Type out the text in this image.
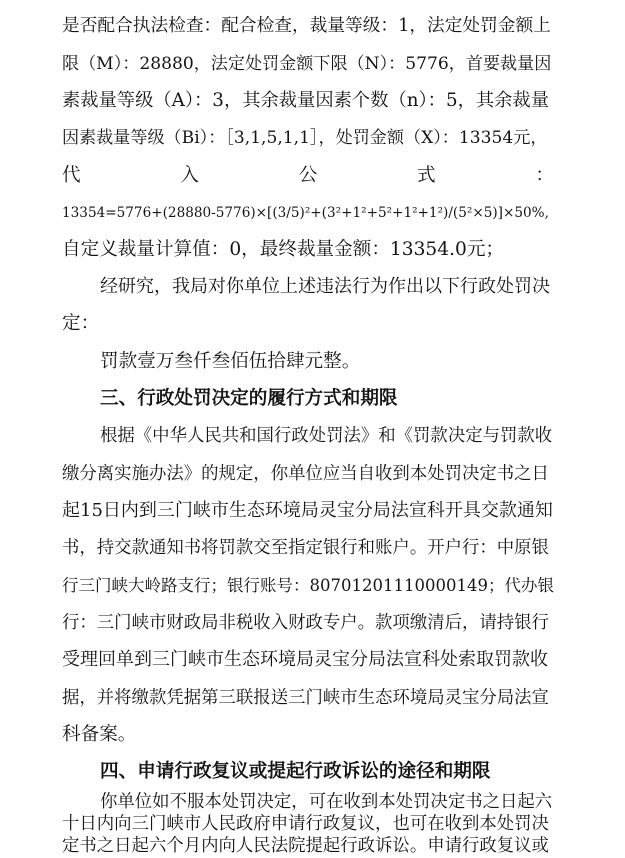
是否配合执法检查：配合检查，裁量等级：1，法定处罚金额上
限（M）：28880，法定处罚金额下限（N）：5776，首要裁量因
素裁量等级（A）：3，其余裁量因素个数（n）：5，其余裁量
因素裁量等级（Bi）：［3,1,5,1,1］，处罚金额（X）：13354元，
代	入	公	式	：
13354=5776+(28880-5776)×[(3/5)²+(3²+1²+5²+1²+1²)/(5²×5)]×50%,
自定义裁量计算值：0，最终裁量金额：13354.0元；
经研究，我局对你单位上述违法行为作出以下行政处罚决
定：
罚款壹万叁仟叁佰伍拾肆元整。
三、行政处罚决定的履行方式和期限
根据《中华人民共和国行政处罚法》和《罚款决定与罚款收
缴分离实施办法》的规定，你单位应当自收到本处罚决定书之日
起15日内到三门峡市生态环境局灵宝分局法宣科开具交款通知
书，持交款通知书将罚款交至指定银行和账户。开户行：中原银
行三门峡大岭路支行；银行账号：80701201110000149；代办银
行：三门峡市财政局非税收入财政专户。款项缴清后，请持银行
受理回单到三门峡市生态环境局灵宝分局法宣科处索取罚款收
据，并将缴款凭据第三联报送三门峡市生态环境局灵宝分局法宣
科备案。
四、申请行政复议或提起行政诉讼的途径和期限
你单位如不服本处罚决定，可在收到本处罚决定书之日起六
十日内向三门峡市人民政府申请行政复议，也可在收到本处罚决
定书之日起六个月内向人民法院提起行政诉讼。申请行政复议或
